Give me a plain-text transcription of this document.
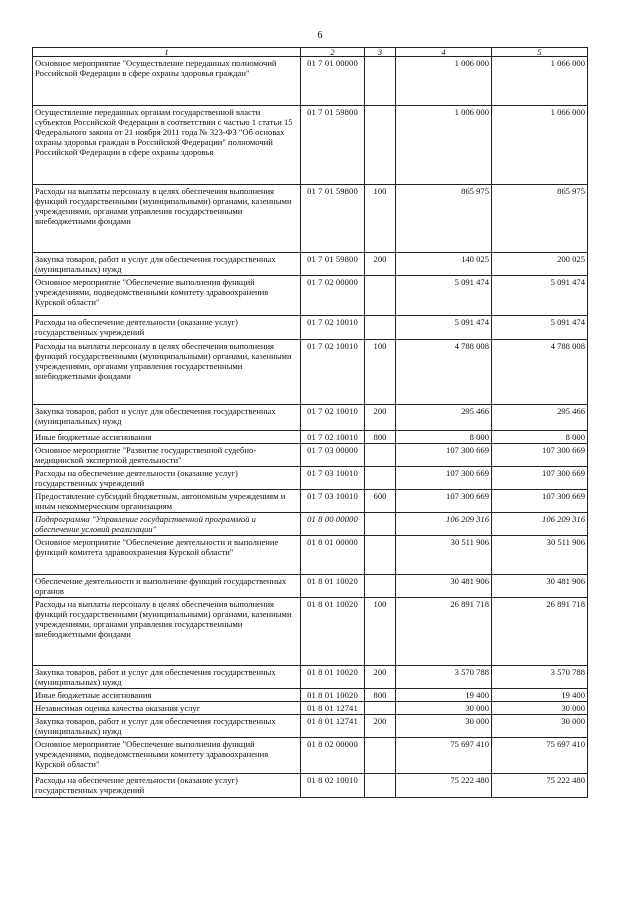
6
1	2	3	4	5
Основное мероприятие "Осуществление переданных полномочий Российской Федерации в сфере охраны здоровья граждан"	01 7 01 00000		1 006 000	1 066 000
Осуществление переданных органам государственной власти субъектов Российской Федерации в соответствии с частью 1 статьи 15 Федерального закона от 21 ноября 2011 года № 323-ФЗ "Об основах охраны здоровья граждан в Российской Федерации" полномочий Российской Федерации в сфере охраны здоровья	01 7 01 59800		1 006 000	1 066 000
Расходы на выплаты персоналу в целях обеспечения выполнения функций государственными (муниципальными) органами, казенными учреждениями, органами управления государственными внебюджетными фондами	01 7 01 59800	100	865 975	865 975
Закупка товаров, работ и услуг для обеспечения государственных (муниципальных) нужд	01 7 01 59800	200	140 025	200 025
Основное мероприятие "Обеспечение выполнения функций учреждениями, подведомственными комитету здравоохранения Курской области"	01 7 02 00000		5 091 474	5 091 474
Расходы на обеспечение деятельности (оказание услуг) государственных учреждений	01 7 02 10010		5 091 474	5 091 474
Расходы на выплаты персоналу в целях обеспечения выполнения функций государственными (муниципальными) органами, казенными учреждениями, органами управления государственными внебюджетными фондами	01 7 02 10010	100	4 788 008	4 788 008
Закупка товаров, работ и услуг для обеспечения государственных (муниципальных) нужд	01 7 02 10010	200	295 466	295 466
Иные бюджетные ассигнования	01 7 02 10010	800	8 000	8 000
Основное мероприятие "Развитие государственной судебно-медицинской экспертной деятельности"	01 7 03 00000		107 300 669	107 300 669
Расходы на обеспечение деятельности (оказание услуг) государственных учреждений	01 7 03 10010		107 300 669	107 300 669
Предоставление субсидий бюджетным, автономным учреждениям и иным некоммерческим организациям	01 7 03 10010	600	107 300 669	107 300 669
Подпрограмма "Управление государственной программой и обеспечение условий реализации"	01 8 00 00000		106 209 316	106 209 316
Основное мероприятие "Обеспечение деятельности и выполнение функций комитета здравоохранения Курской области"	01 8 01 00000		30 511 906	30 511 906
Обеспечение деятельности и выполнение функций государственных органов	01 8 01 10020		30 481 906	30 481 906
Расходы на выплаты персоналу в целях обеспечения выполнения функций государственными (муниципальными) органами, казенными учреждениями, органами управления государственными внебюджетными фондами	01 8 01 10020	100	26 891 718	26 891 718
Закупка товаров, работ и услуг для обеспечения государственных (муниципальных) нужд	01 8 01 10020	200	3 570 788	3 570 788
Иные бюджетные ассигнования	01 8 01 10020	800	19 400	19 400
Независимая оценка качества оказания услуг	01 8 01 12741		30 000	30 000
Закупка товаров, работ и услуг для обеспечения государственных (муниципальных) нужд	01 8 01 12741	200	30 000	30 000
Основное мероприятие "Обеспечение выполнения функций учреждениями, подведомственными комитету здравоохранения Курской области"	01 8 02 00000		75 697 410	75 697 410
Расходы на обеспечение деятельности (оказание услуг) государственных учреждений	01 8 02 10010		75 222 480	75 222 480
